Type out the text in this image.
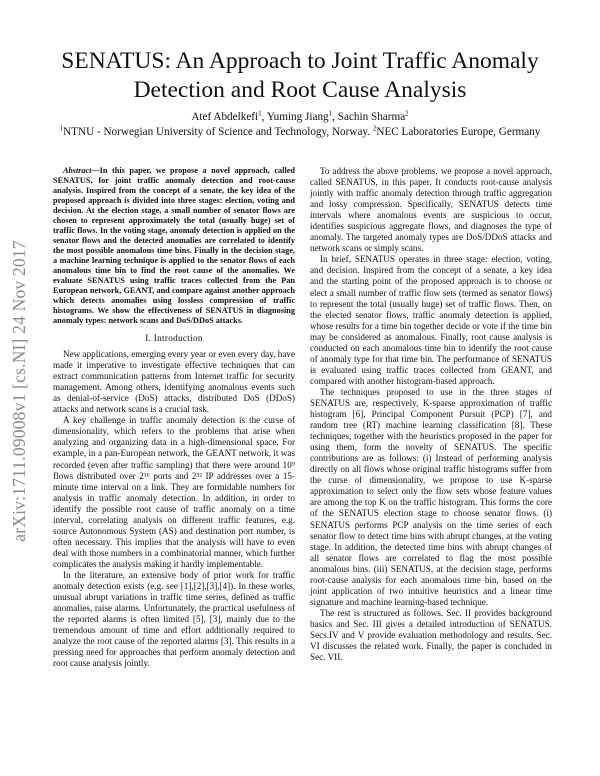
arXiv:1711.09008v1 [cs.NI] 24 Nov 2017
SENATUS: An Approach to Joint Traffic Anomaly
Detection and Root Cause Analysis
Atef Abdelkefi$^1$, Yuming Jiang$^1$, Sachin Sharma$^2$
$^1$NTNU - Norwegian University of Science and Technology, Norway. $^2$NEC Laboratories Europe, Germany

Abstract—In this paper, we propose a novel approach, called SENATUS, for joint traffic anomaly detection and root-cause analysis. Inspired from the concept of a senate, the key idea of the proposed approach is divided into three stages: election, voting and decision. At the election stage, a small number of senator flows are chosen to represent approximately the total (usually huge) set of traffic flows. In the voting stage, anomaly detection is applied on the senator flows and the detected anomalies are correlated to identify the most possible anomalous time bins. Finally in the decision stage, a machine learning technique is applied to the senator flows of each anomalous time bin to find the root cause of the anomalies. We evaluate SENATUS using traffic traces collected from the Pan European network, GEANT, and compare against another approach which detects anomalies using lossless compression of traffic histograms. We show the effectiveness of SENATUS in diagnosing anomaly types: network scans and DoS/DDoS attacks.

I. Introduction

New applications, emerging every year or even every day, have made it imperative to investigate effective techniques that can extract communication patterns from Internet traffic for security management. Among others, identifying anomalous events such as denial-of-service (DoS) attacks, distributed DoS (DDoS) attacks and network scans is a crucial task.

A key challenge in traffic anomaly detection is the curse of dimensionality, which refers to the problems that arise when analyzing and organizing data in a high-dimensional space. For example, in a pan-European network, the GEANT network, it was recorded (even after traffic sampling) that there were around 10⁹ flows distributed over 2¹⁶ ports and 2³² IP addresses over a 15-minute time interval on a link. They are formidable numbers for analysis in traffic anomaly detection. In addition, in order to identify the possible root cause of traffic anomaly on a time interval, correlating analysis on different traffic features, e.g. source Autonomous System (AS) and destination port number, is often necessary. This implies that the analysis will have to even deal with those numbers in a combinatorial manner, which further complicates the analysis making it hardly implementable.

In the literature, an extensive body of prior work for traffic anomaly detection exists (e.g. see [1],[2],[3],[4]). In these works, unusual abrupt variations in traffic time series, defined as traffic anomalies, raise alarms. Unfortunately, the practical usefulness of the reported alarms is often limited [5], [3], mainly due to the tremendous amount of time and effort additionally required to analyze the root cause of the reported alarms [3]. This results in a pressing need for approaches that perform anomaly detection and root cause analysis jointly.

To address the above problems, we propose a novel approach, called SENATUS, in this paper. It conducts root-cause analysis jointly with traffic anomaly detection through traffic aggregation and lossy compression. Specifically, SENATUS detects time intervals where anomalous events are suspicious to occur, identifies suspicious aggregate flows, and diagnoses the type of anomaly. The targeted anomaly types are DoS/DDoS attacks and network scans or simply scans.

In brief, SENATUS operates in three stage: election, voting, and decision. Inspired from the concept of a senate, a key idea and the starting point of the proposed approach is to choose or elect a small number of traffic flow sets (termed as senator flows) to represent the total (usually huge) set of traffic flows. Then, on the elected senator flows, traffic anomaly detection is applied, whose results for a time bin together decide or vote if the time bin may be considered as anomalous. Finally, root cause analysis is conducted on each anomalous time bin to identify the root cause of anomaly type for that time bin. The performance of SENATUS is evaluated using traffic traces collected from GEANT, and compared with another histogram-based approach.

The techniques proposed to use in the three stages of SENATUS are, respectively, K-sparse approximation of traffic histogram [6], Principal Component Pursuit (PCP) [7], and random tree (RT) machine learning classification [8]. These techniques, together with the heuristics proposed in the paper for using them, form the novelty of SENATUS. The specific contributions are as follows: (i) Instead of performing analysis directly on all flows whose original traffic histograms suffer from the curse of dimensionality, we propose to use K-sparse approximation to select only the flow sets whose feature values are among the top K on the traffic histogram. This forms the core of the SENATUS election stage to choose senator flows. (i) SENATUS performs PCP analysis on the time series of each senator flow to detect time bins with abrupt changes, at the voting stage. In addition, the detected time bins with abrupt changes of all senator flows are correlated to flag the most possible anomalous bins. (iii) SENATUS, at the decision stage, performs root-cause analysis for each anomalous time bin, based on the joint application of two intuitive heuristics and a linear time signature and machine learning-based technique.

The rest is structured as follows. Sec. II provides background basics and Sec. III gives a detailed introduction of SENATUS. Secs.IV and V provide evaluation methodology and results. Sec. VI discusses the related work. Finally, the paper is concluded in Sec. VII.
